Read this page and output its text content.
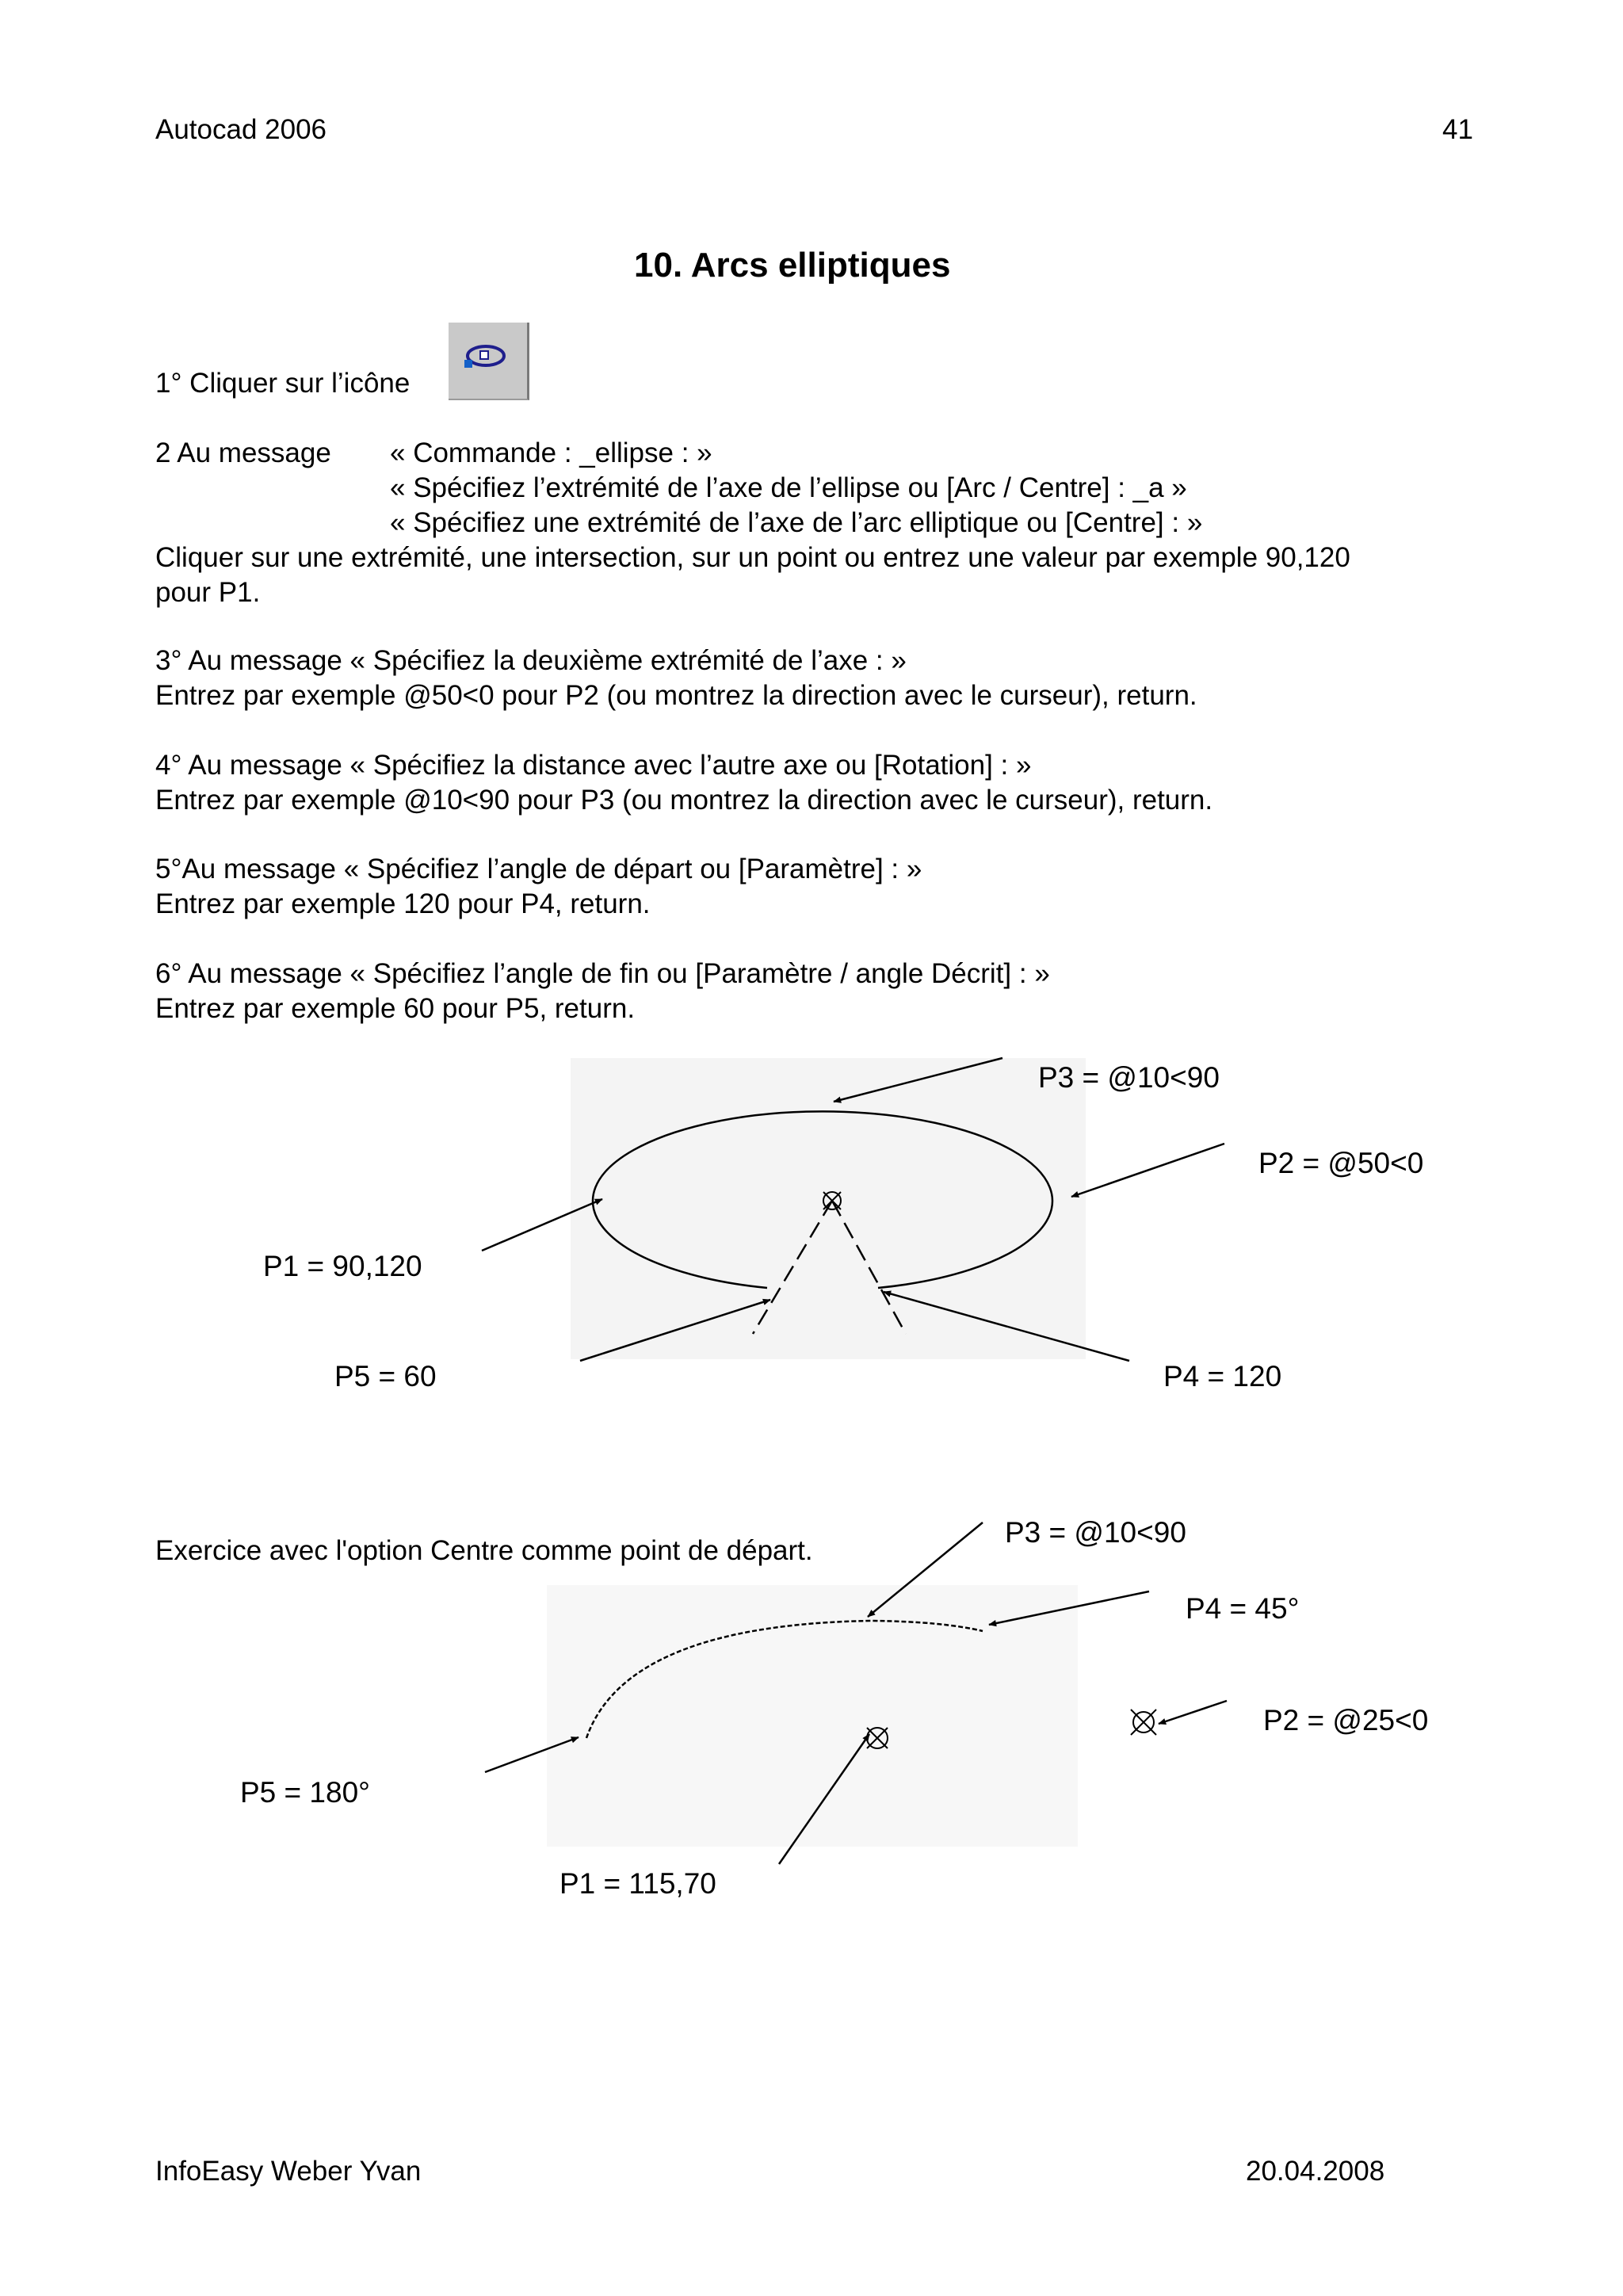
Autocad 2006	41
10. Arcs elliptiques
1° Cliquer sur l’icône
2 Au message « Commande : _ellipse : »
« Spécifiez l’extrémité de l’axe de l’ellipse ou [Arc / Centre] : _a »
« Spécifiez une extrémité de l’axe de l’arc elliptique ou [Centre] : »
Cliquer sur une extrémité, une intersection, sur un point ou entrez une valeur par exemple 90,120
pour P1.
3° Au message « Spécifiez la deuxième extrémité de l’axe : »
Entrez par exemple @50<0 pour P2 (ou montrez la direction avec le curseur), return.
4° Au message « Spécifiez la distance avec l’autre axe ou [Rotation] : »
Entrez par exemple @10<90 pour P3 (ou montrez la direction avec le curseur), return.
5°Au message « Spécifiez l’angle de départ ou [Paramètre] : »
Entrez par exemple 120 pour P4, return.
6° Au message « Spécifiez l’angle de fin ou [Paramètre / angle Décrit] : »
Entrez par exemple 60 pour P5, return.
P3 = @10<90
P2 = @50<0
P1 = 90,120
P5 = 60	P4 = 120
Exercice avec l'option Centre comme point de départ.
P3 = @10<90
P4 = 45°
P2 = @25<0
P5 = 180°
P1 = 115,70
InfoEasy Weber Yvan	20.04.2008
